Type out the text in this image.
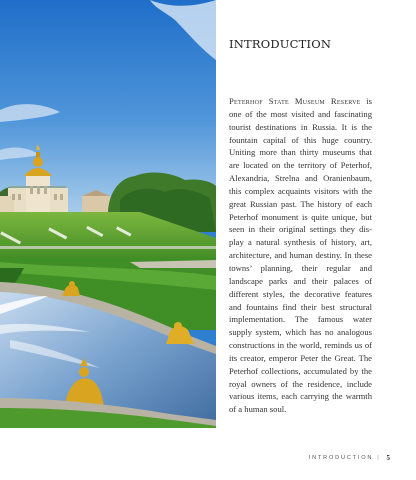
INTRODUCTION

Peterhof State Museum Reserve is one of the most visited and fascinating tourist destinations in Russia. It is the fountain capital of this huge country. Uniting more than thirty museums that are located on the territory of Peterhof, Alexandria, Strelna and Oranienbaum, this complex acquaints visitors with the great Russian past. The history of each Peterhof monument is quite unique, but seen in their original settings they display a natural synthesis of history, art, architecture, and human destiny. In these towns’ planning, their regular and landscape parks and their palaces of different styles, the decorative features and fountains find their best structural implementation. The famous water supply system, which has no analogous constructions in the world, reminds us of its creator, emperor Peter the Great. The Peterhof collections, accumulated by the royal owners of the residence, include various items, each carrying the warmth of a human soul.

INTRODUCTION | 5
